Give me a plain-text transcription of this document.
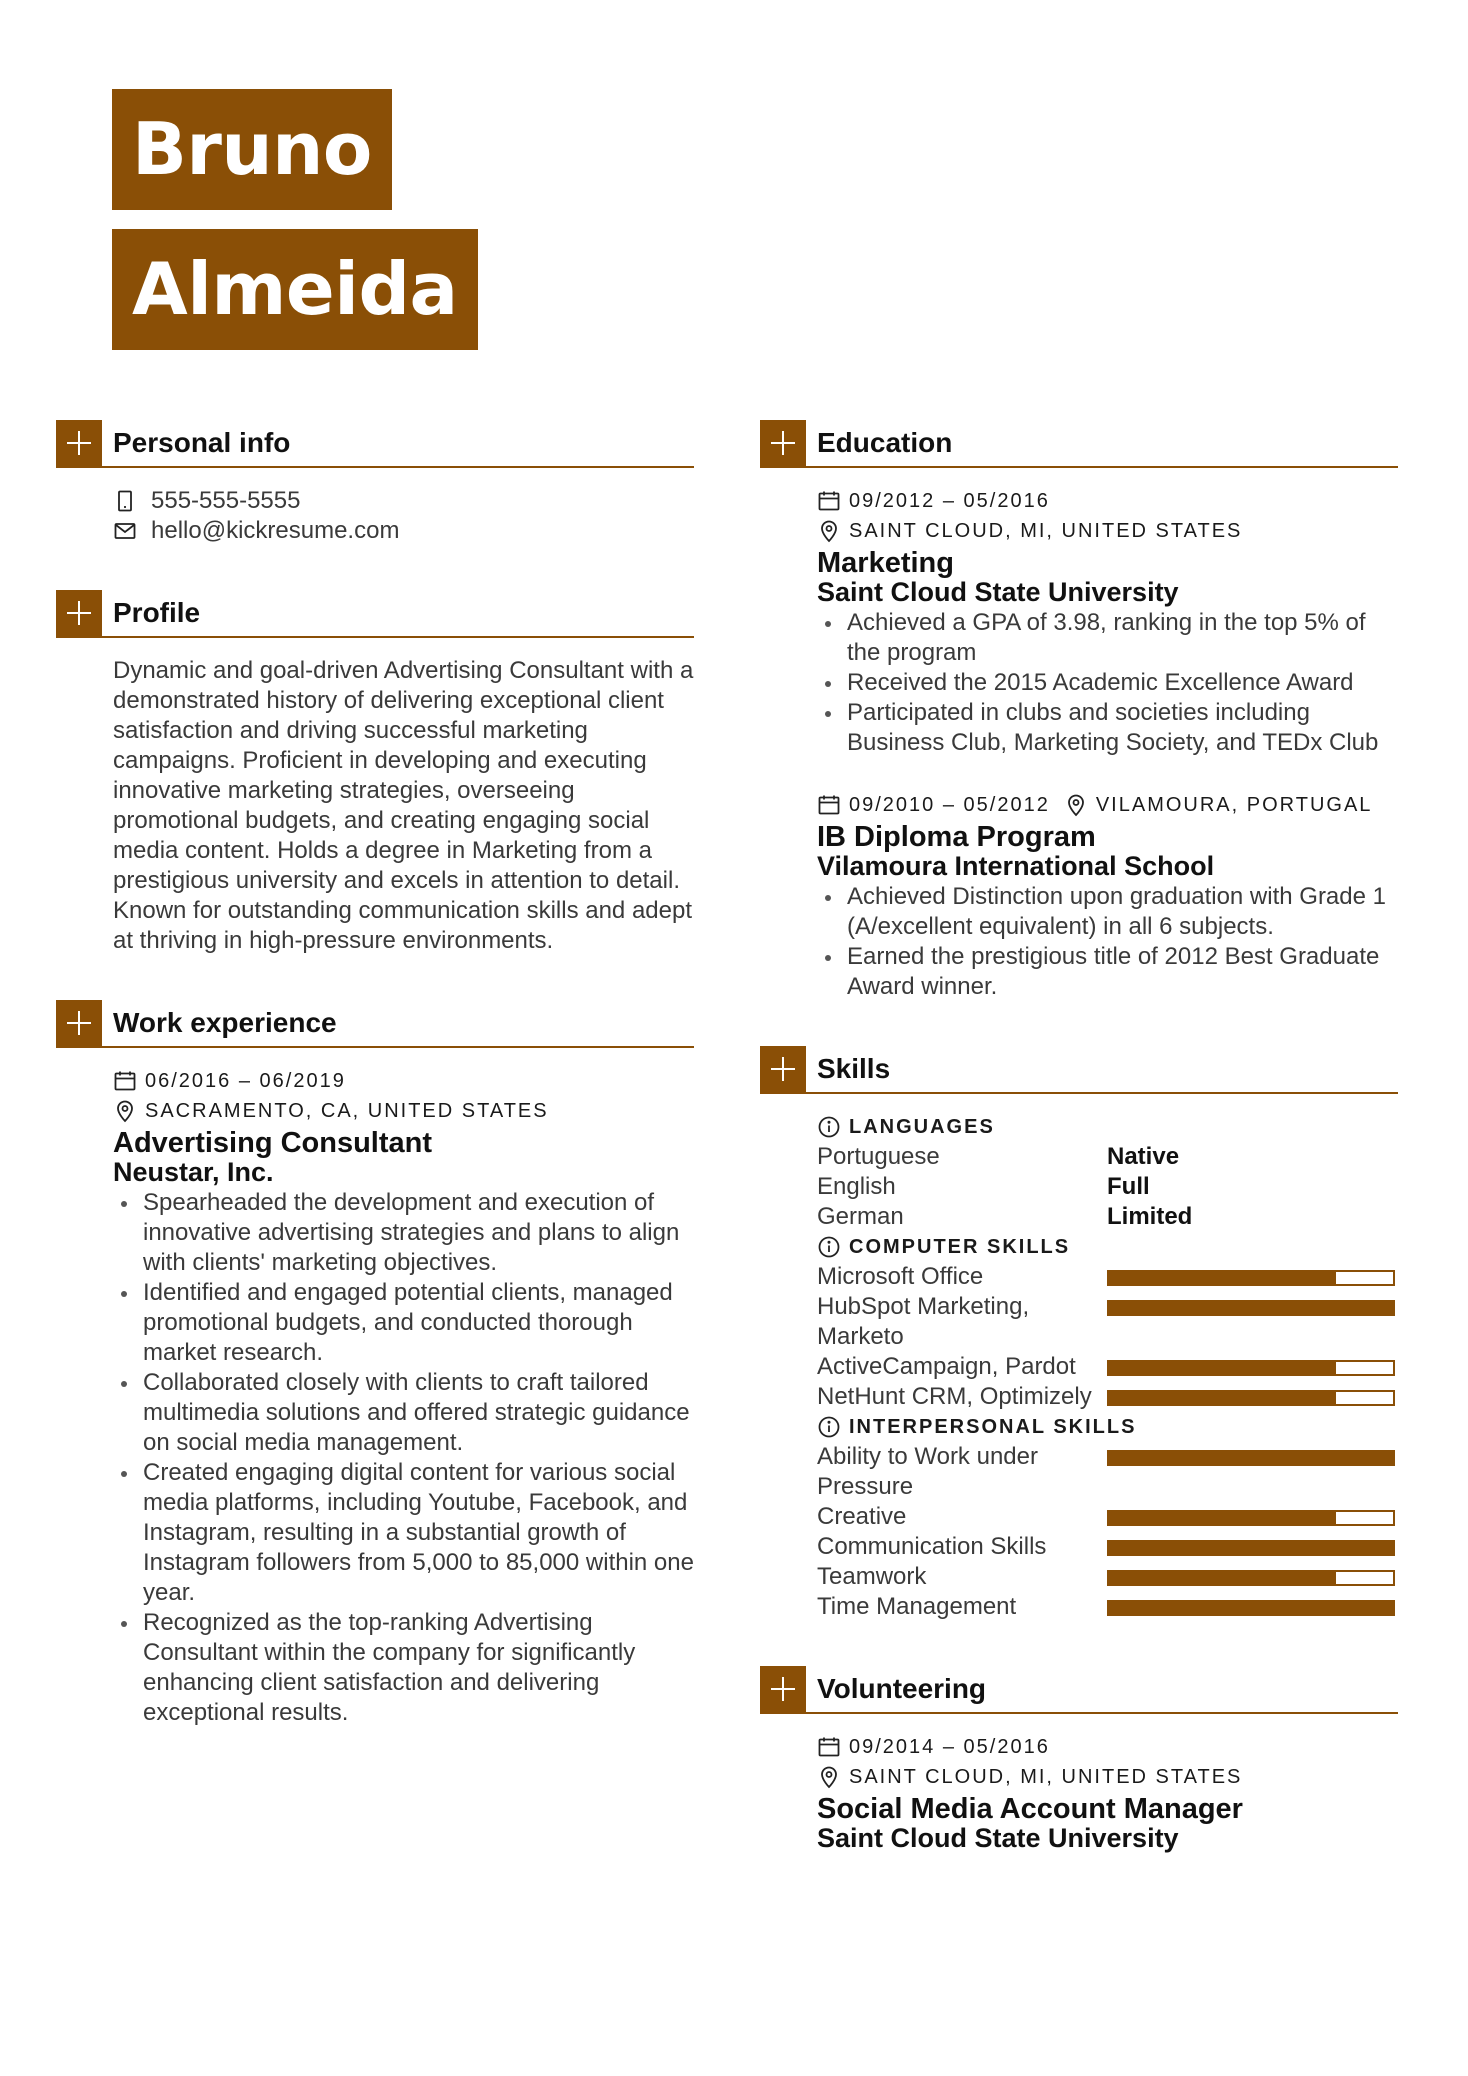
Bruno
Almeida
Personal info
555-555-5555
hello@kickresume.com
Profile

Dynamic and goal-driven Advertising Consultant with a demonstrated history of delivering exceptional client satisfaction and driving successful marketing campaigns. Proficient in developing and executing innovative marketing strategies, overseeing promotional budgets, and creating engaging social media content. Holds a degree in Marketing from a prestigious university and excels in attention to detail. Known for outstanding communication skills and adept at thriving in high-pressure environments.

Work experience
06/2016 – 06/2019
SACRAMENTO, CA, UNITED STATES
Advertising Consultant
Neustar, Inc.
Spearheaded the development and execution of innovative advertising strategies and plans to align with clients' marketing objectives.
Identified and engaged potential clients, managed promotional budgets, and conducted thorough market research.
Collaborated closely with clients to craft tailored multimedia solutions and offered strategic guidance on social media management.
Created engaging digital content for various social media platforms, including Youtube, Facebook, and Instagram, resulting in a substantial growth of Instagram followers from 5,000 to 85,000 within one year.
Recognized as the top-ranking Advertising Consultant within the company for significantly enhancing client satisfaction and delivering exceptional results.
Education
09/2012 – 05/2016
SAINT CLOUD, MI, UNITED STATES
Marketing
Saint Cloud State University
Achieved a GPA of 3.98, ranking in the top 5% of the program
Received the 2015 Academic Excellence Award
Participated in clubs and societies including Business Club, Marketing Society, and TEDx Club
09/2010 – 05/2012 VILAMOURA, PORTUGAL
IB Diploma Program
Vilamoura International School
Achieved Distinction upon graduation with Grade 1 (A/excellent equivalent) in all 6 subjects.
Earned the prestigious title of 2012 Best Graduate Award winner.
Skills
LANGUAGES
Portuguese	Native
English	Full
German	Limited
COMPUTER SKILLS
Microsoft Office
HubSpot Marketing, Marketo
ActiveCampaign, Pardot
NetHunt CRM, Optimizely
INTERPERSONAL SKILLS
Ability to Work under Pressure
Creative
Communication Skills
Teamwork
Time Management
Volunteering
09/2014 – 05/2016
SAINT CLOUD, MI, UNITED STATES
Social Media Account Manager
Saint Cloud State University
